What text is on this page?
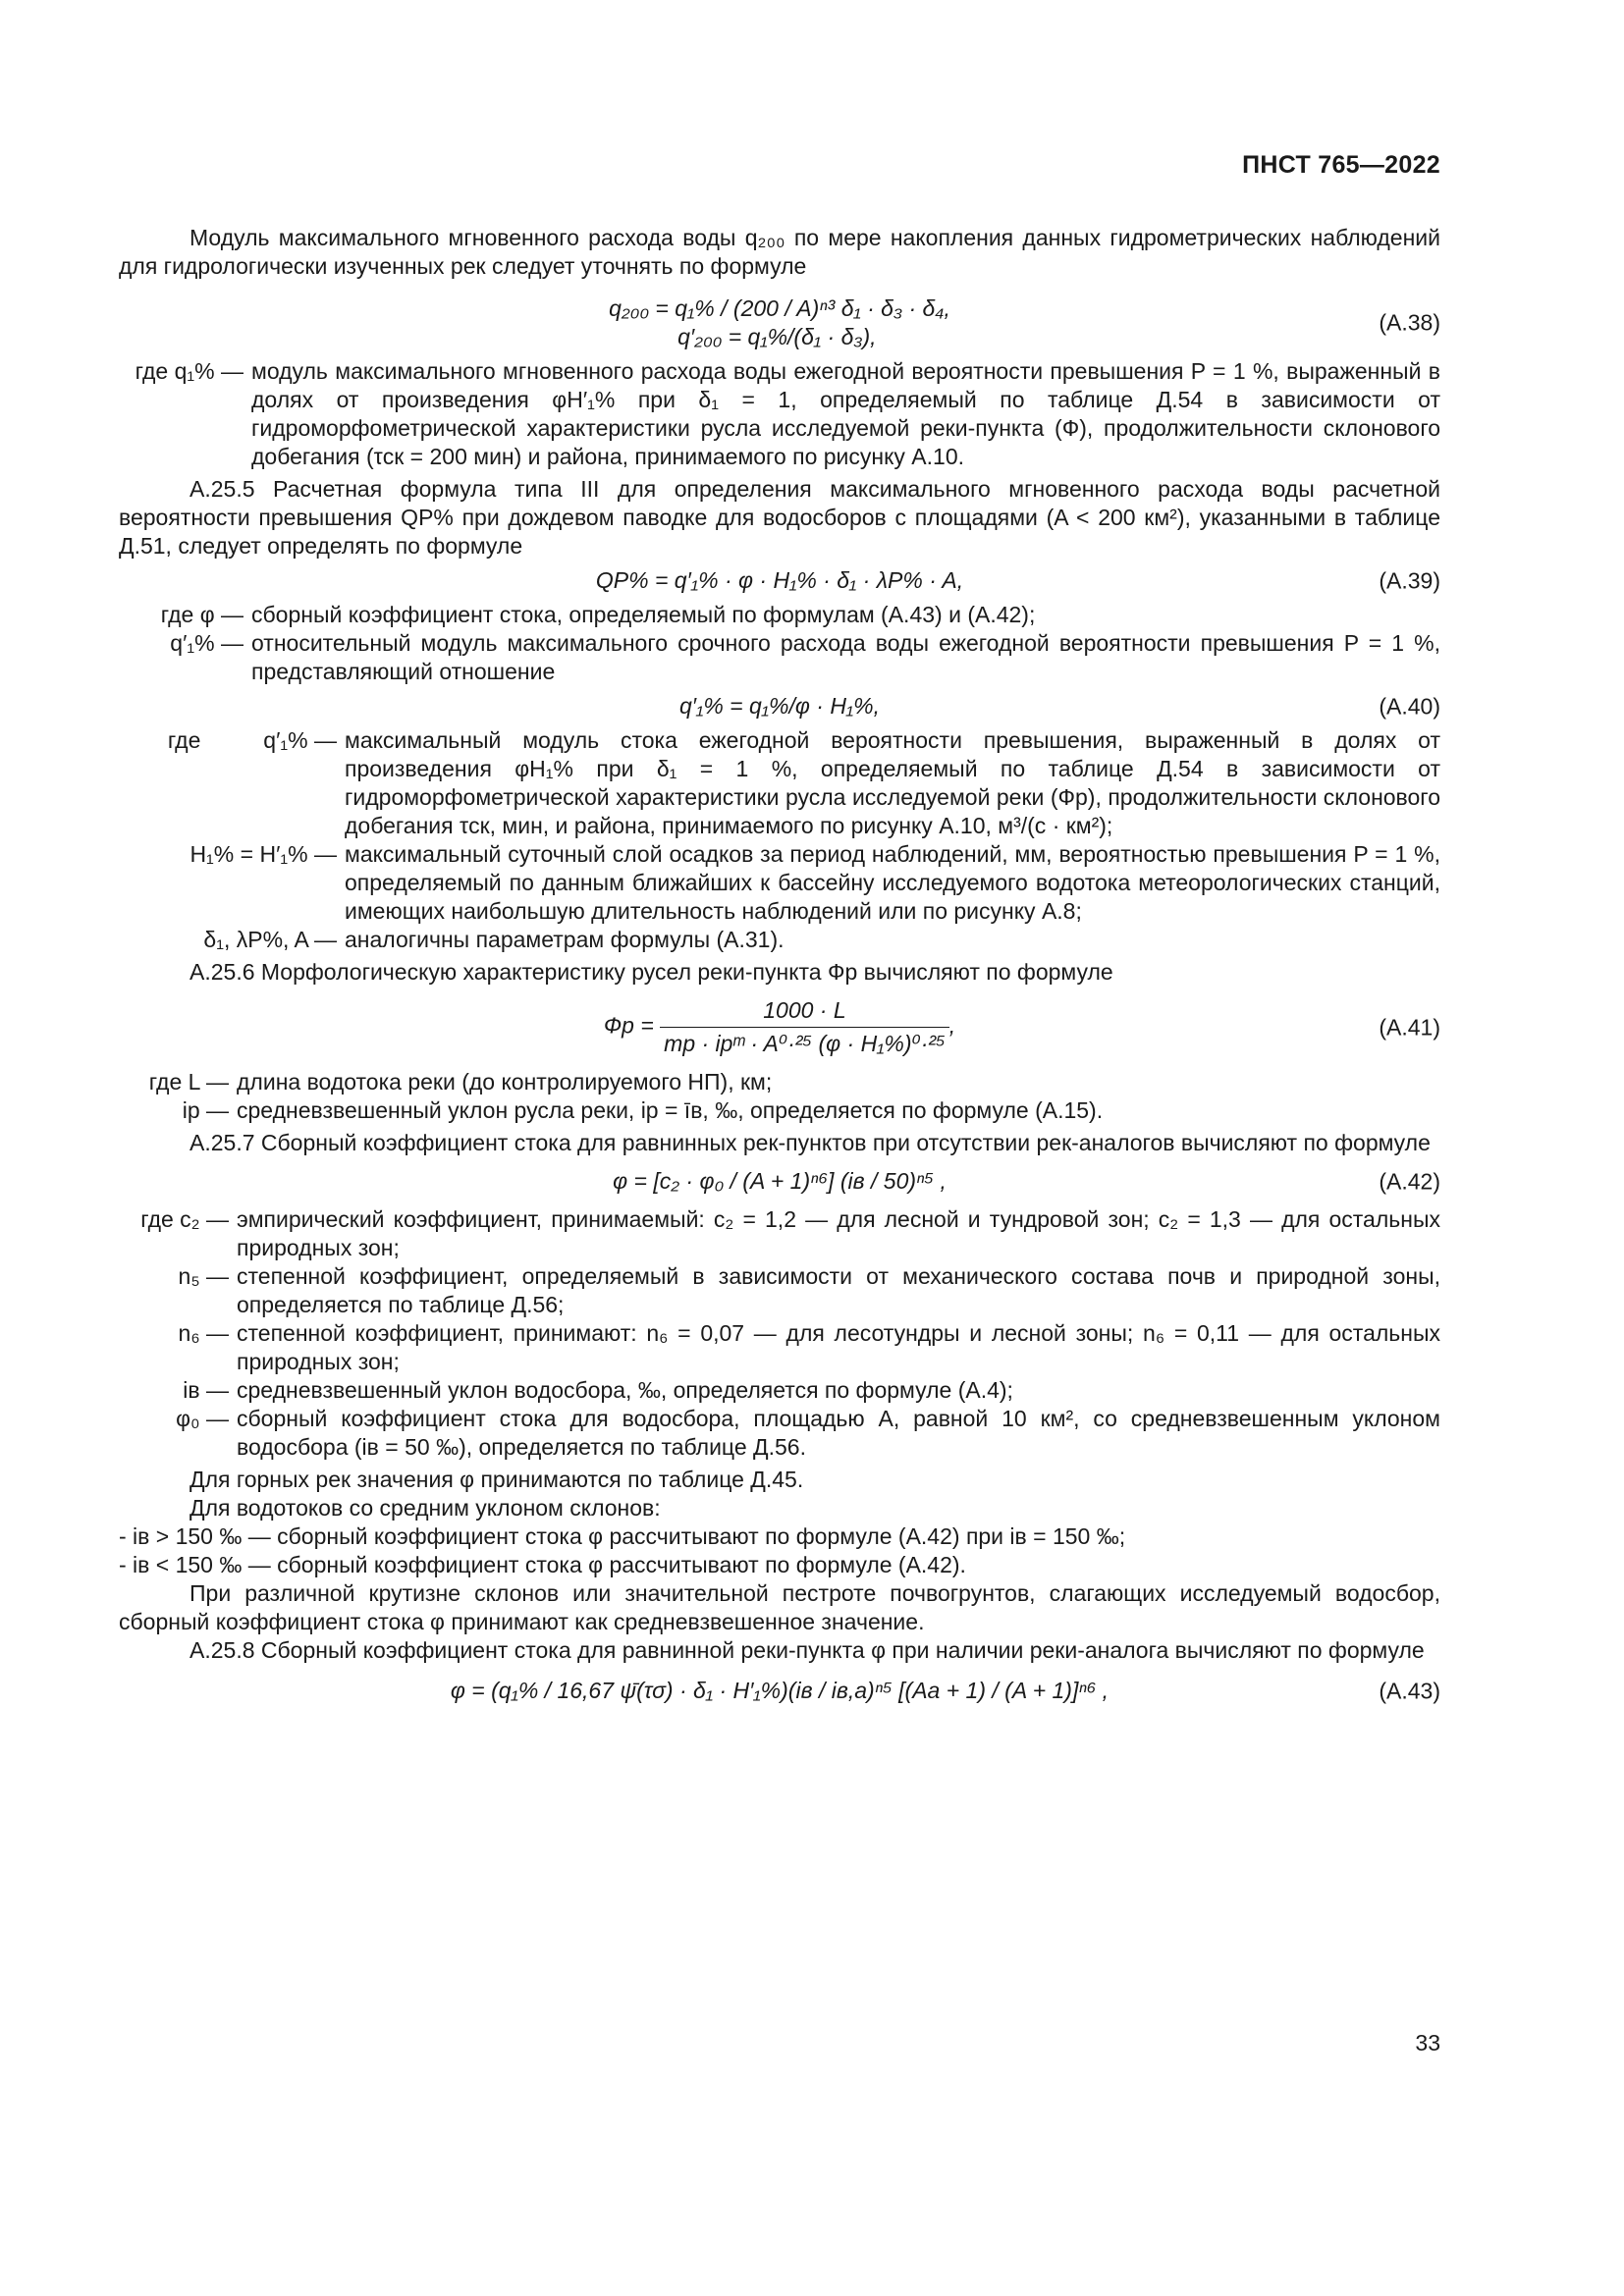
ПНСТ 765—2022

Модуль максимального мгновенного расхода воды q₂₀₀ по мере накопления данных гидрометрических наблюдений для гидрологически изученных рек следует уточнять по формуле

q₂₀₀ = q₁% / (200 / A)ⁿ³ δ₁ · δ₃ · δ₄,
q′₂₀₀ = q₁%/(δ₁ · δ₃),
(A.38)
где q₁% — модуль максимального мгновенного расхода воды ежегодной вероятности превышения P = 1 %, выраженный в долях от произведения φH′₁% при δ₁ = 1, определяемый по таблице Д.54 в зависимости от гидроморфометрической характеристики русла исследуемой реки-пункта (Ф), продолжительности склонового добегания (τск = 200 мин) и района, принимаемого по рисунку А.10.

А.25.5 Расчетная формула типа III для определения максимального мгновенного расхода воды расчетной вероятности превышения QP% при дождевом паводке для водосборов с площадями (A < 200 км²), указанными в таблице Д.51, следует определять по формуле

QP% = q′₁% · φ · H₁% · δ₁ · λP% · A,	(A.39)
где φ — сборный коэффициент стока, определяемый по формулам (А.43) и (А.42);
q′₁% — относительный модуль максимального срочного расхода воды ежегодной вероятности превышения P = 1 %, представляющий отношение
q′₁% = q₁%/φ · H₁%,	(A.40)
где          q′₁% — максимальный модуль стока ежегодной вероятности превышения, выраженный в долях от произведения φH₁% при δ₁ = 1 %, определяемый по таблице Д.54 в зависимости от гидроморфометрической характеристики русла исследуемой реки (Фp), продолжительности склонового добегания τск, мин, и района, принимаемого по рисунку А.10, м³/(с · км²);
H₁% = H′₁% — максимальный суточный слой осадков за период наблюдений, мм, вероятностью превышения P = 1 %, определяемый по данным ближайших к бассейну исследуемого водотока метеорологических станций, имеющих наибольшую длительность наблюдений или по рисунку А.8;
δ₁, λP%, A — аналогичны параметрам формулы (А.31).

А.25.6 Морфологическую характеристику русел реки-пункта Фp вычисляют по формуле

Фp = $\frac{1000 \cdot L}{\text{mp · ipᵐ · A⁰·²⁵ (φ · H₁\%)⁰·²⁵}}$ ,	(A.41)
где L — длина водотока реки (до контролируемого НП), км;
ip — средневзвешенный уклон русла реки, ip = īв, ‰, определяется по формуле (А.15).

А.25.7 Сборный коэффициент стока для равнинных рек-пунктов при отсутствии рек-аналогов вычисляют по формуле

φ = [c₂ · φ₀ / (A + 1)ⁿ⁶] (iв / 50)ⁿ⁵ ,	(A.42)
где c₂ — эмпирический коэффициент, принимаемый: c₂ = 1,2 — для лесной и тундровой зон; c₂ = 1,3 — для остальных природных зон;
n₅ — степенной коэффициент, определяемый в зависимости от механического состава почв и природной зоны, определяется по таблице Д.56;
n₆ — степенной коэффициент, принимают: n₆ = 0,07 — для лесотундры и лесной зоны; n₆ = 0,11 — для остальных природных зон;
iв — средневзвешенный уклон водосбора, ‰, определяется по формуле (А.4);
φ₀ — сборный коэффициент стока для водосбора, площадью A, равной 10 км², со средневзвешенным уклоном водосбора (iв = 50 ‰), определяется по таблице Д.56.

Для горных рек значения φ принимаются по таблице Д.45.

Для водотоков со средним уклоном склонов:

- iв > 150 ‰ — сборный коэффициент стока φ рассчитывают по формуле (А.42) при iв = 150 ‰;

- iв < 150 ‰ — сборный коэффициент стока φ рассчитывают по формуле (А.42).

При различной крутизне склонов или значительной пестроте почвогрунтов, слагающих исследуемый водосбор, сборный коэффициент стока φ принимают как средневзвешенное значение.

А.25.8 Сборный коэффициент стока для равнинной реки-пункта φ при наличии реки-аналога вычисляют по формуле

φ = (q₁% / 16,67 ψ̄(τσ) · δ₁ · H′₁%)(iв / iв,a)ⁿ⁵ [(Aa + 1) / (A + 1)]ⁿ⁶ ,	(A.43)
33
